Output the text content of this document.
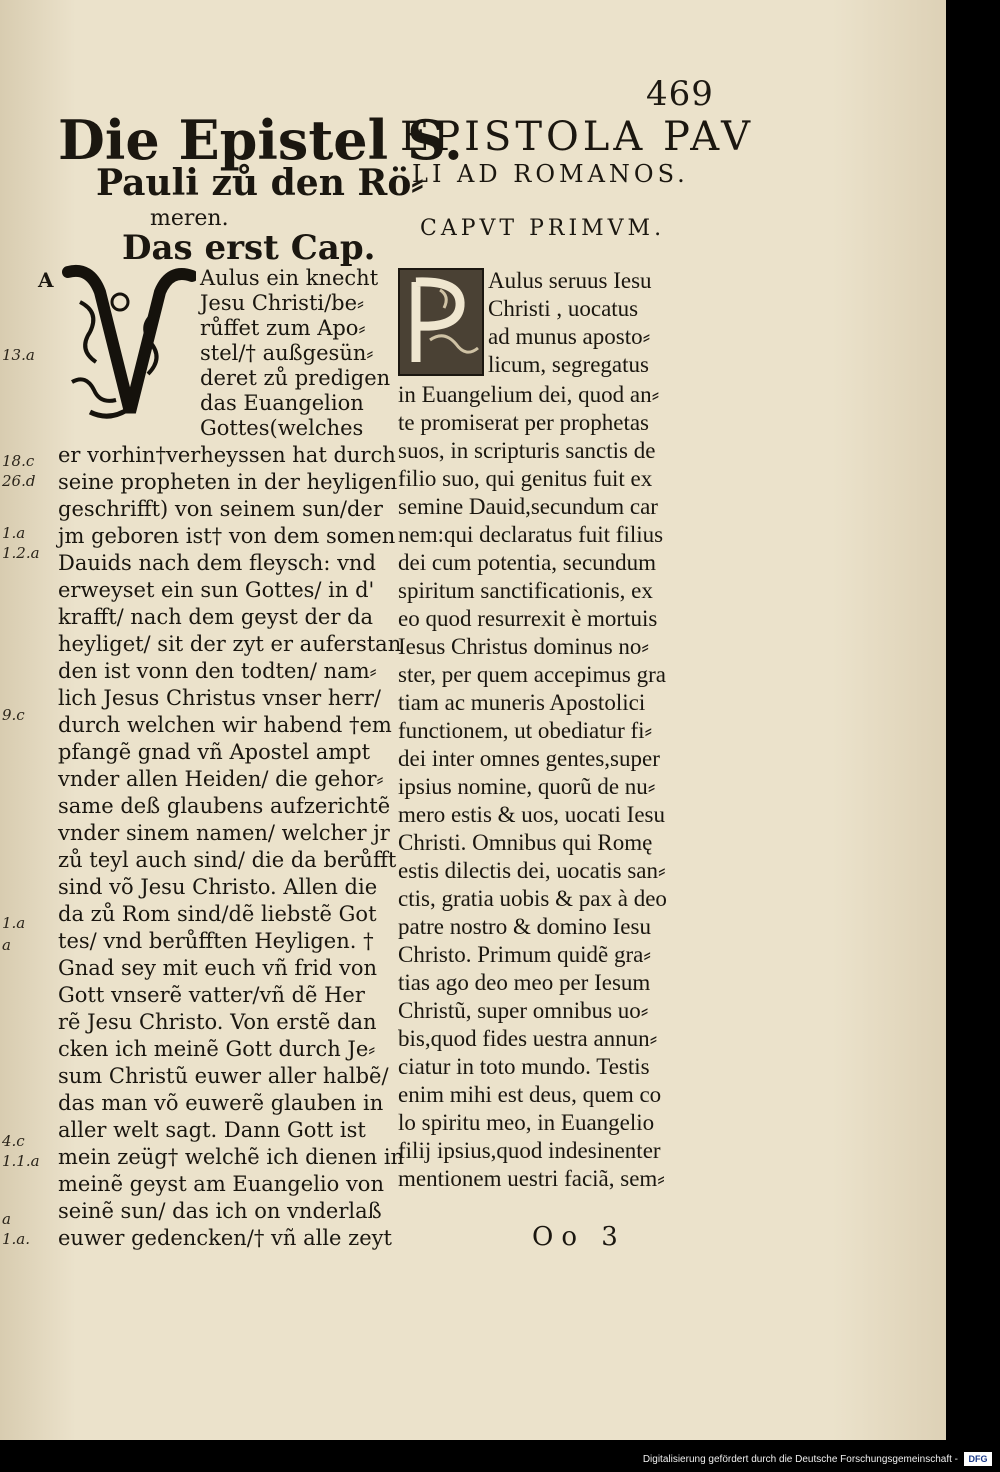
469
Die Epistel S.
Pauli zů den Rö⸗
meren.
Das erst Cap.
A	Aulus ein knecht
Jesu Christi/be⸗
růffet zum Apo⸗
stel/† außgesün⸗
deret zů predigen
das Euangelion
Gottes(welches
er vorhin†verheyssen hat durch
seine propheten in der heyligen
geschrifft) von seinem sun/der
jm geboren ist† von dem somen
Dauids nach dem fleysch: vnd
erweyset ein sun Gottes/ in d'
krafft/ nach dem geyst der da
heyliget/ sit der zyt er auferstan
den ist vonn den todten/ nam⸗
lich Jesus Christus vnser herr/
durch welchen wir habend †em
pfangẽ gnad vñ Apostel ampt
vnder allen Heiden/ die gehor⸗
same deß glaubens aufzerichtẽ
vnder sinem namen/ welcher jr
zů teyl auch sind/ die da berůfft
sind võ Jesu Christo. Allen die
da zů Rom sind/dẽ liebstẽ Got
tes/ vnd berůfften Heyligen. †
Gnad sey mit euch vñ frid von
Gott vnserẽ vatter/vñ dẽ Her
rẽ Jesu Christo. Von erstẽ dan
cken ich meinẽ Gott durch Je⸗
sum Christũ euwer aller halbẽ/
das man võ euwerẽ glauben in
aller welt sagt. Dann Gott ist
mein zeüg† welchẽ ich dienen in
meinẽ geyst am Euangelio von
seinẽ sun/ das ich on vnderlaß
euwer gedencken/† vñ alle zeyt
13.a
18.c
26.d
1.a
1.2.a
9.c
1.a
a
4.c
1.1.a
a
1.a.
EPISTOLA PAV
LI AD ROMANOS.
CAPVT PRIMVM.
Aulus seruus Iesu
Christi , uocatus
ad munus aposto⸗
licum, segregatus
in Euangelium dei, quod an⸗
te promiserat per prophetas
suos, in scripturis sanctis de
filio suo, qui genitus fuit ex
semine Dauid,secundum car
nem:qui declaratus fuit filius
dei cum potentia, secundum
spiritum sanctificationis, ex
eo quod resurrexit è mortuis
Iesus Christus dominus no⸗
ster, per quem accepimus gra
tiam ac muneris Apostolici
functionem, ut obediatur fi⸗
dei inter omnes gentes,super
ipsius nomine, quorũ de nu⸗
mero estis & uos, uocati Iesu
Christi. Omnibus qui Romę
estis dilectis dei, uocatis san⸗
ctis, gratia uobis & pax à deo
patre nostro & domino Iesu
Christo. Primum quidẽ gra⸗
tias ago deo meo per Iesum
Christũ, super omnibus uo⸗
bis,quod fides uestra annun⸗
ciatur in toto mundo. Testis
enim mihi est deus, quem co
lo spiritu meo, in Euangelio
filij ipsius,quod indesinenter
mentionem uestri faciã, sem⸗
Oo 3
Digitalisierung gefördert durch die Deutsche Forschungsgemeinschaft -	DFG
